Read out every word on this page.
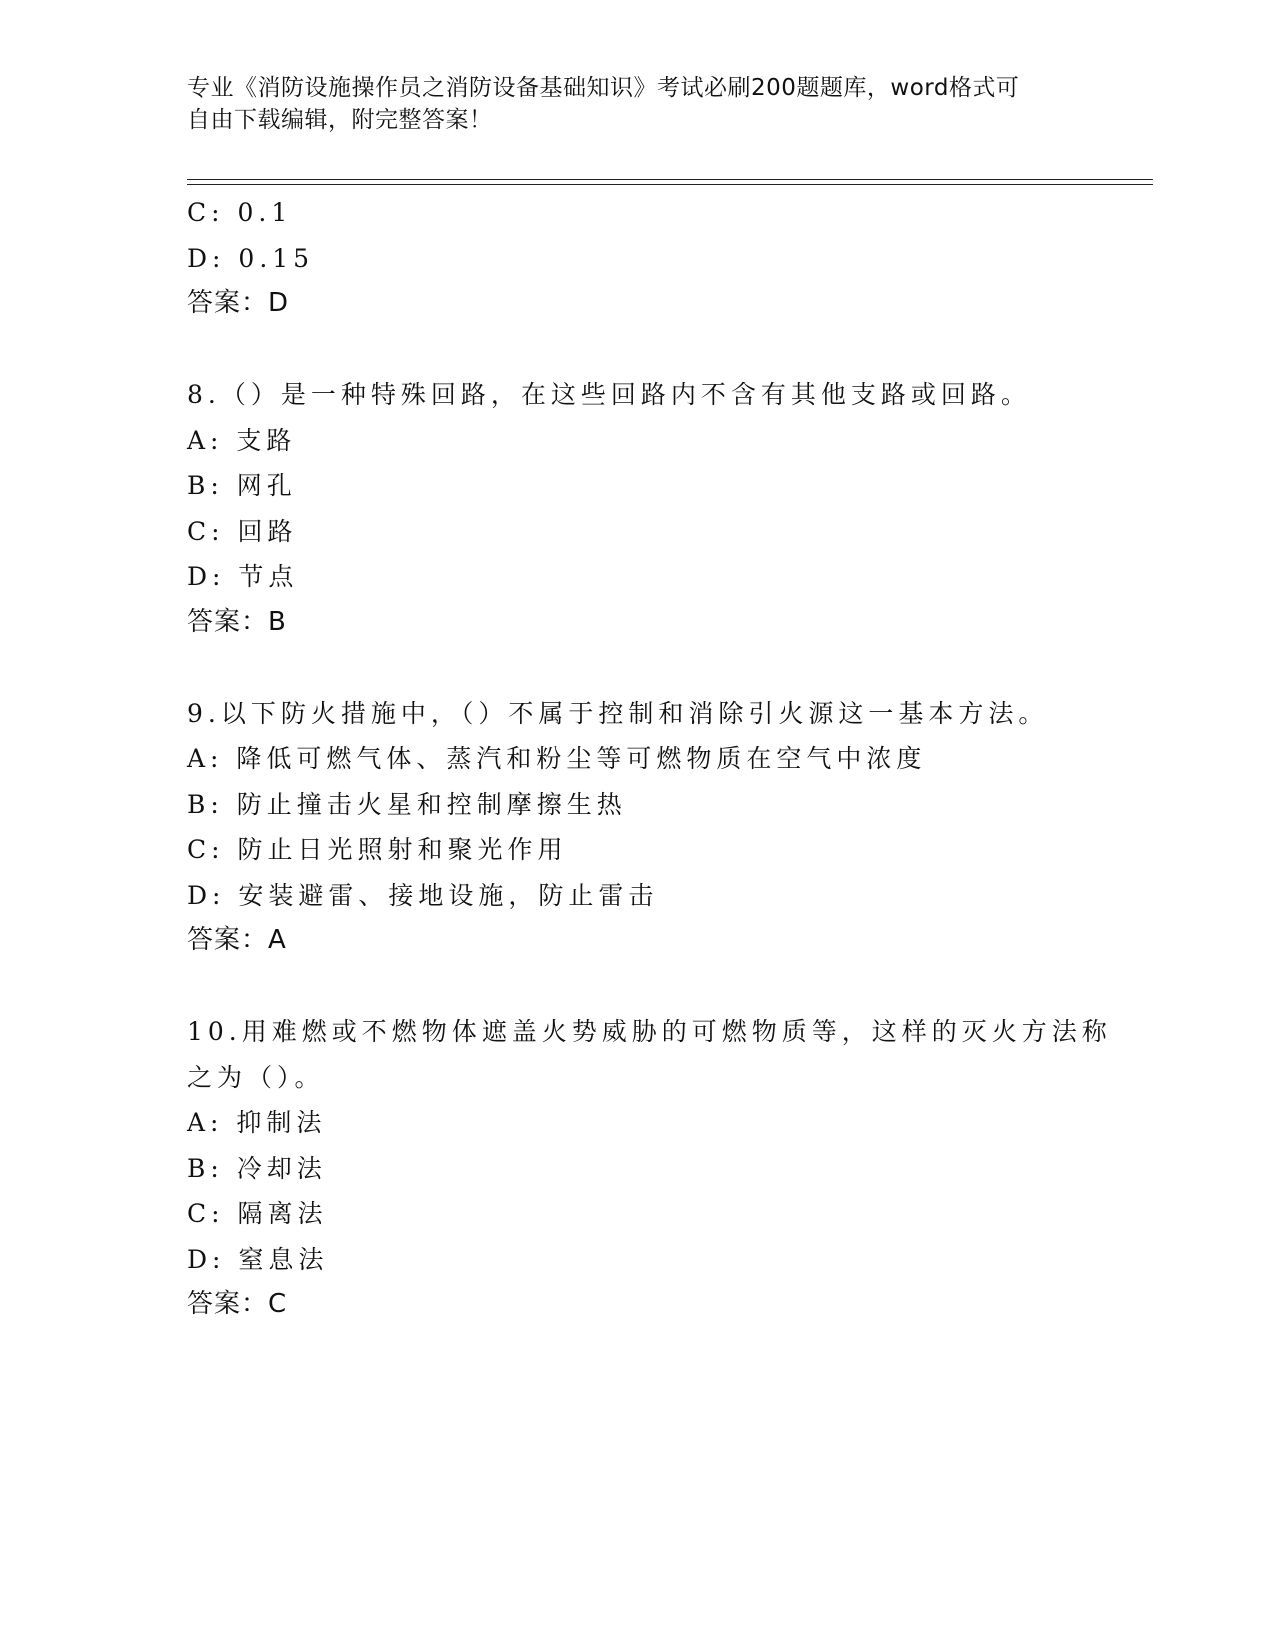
专业《消防设施操作员之消防设备基础知识》考试必刷200题题库，word格式可

自由下载编辑，附完整答案！

C: 0.1

D: 0.15

答案：D

8.（）是一种特殊回路，在这些回路内不含有其他支路或回路。

A: 支路

B: 网孔

C: 回路

D: 节点

答案：B

9.以下防火措施中，（）不属于控制和消除引火源这一基本方法。

A: 降低可燃气体、蒸汽和粉尘等可燃物质在空气中浓度

B: 防止撞击火星和控制摩擦生热

C: 防止日光照射和聚光作用

D: 安装避雷、接地设施，防止雷击

答案：A

10.用难燃或不燃物体遮盖火势威胁的可燃物质等，这样的灭火方法称

之为（）。

A: 抑制法

B: 冷却法

C: 隔离法

D: 窒息法

答案：C
